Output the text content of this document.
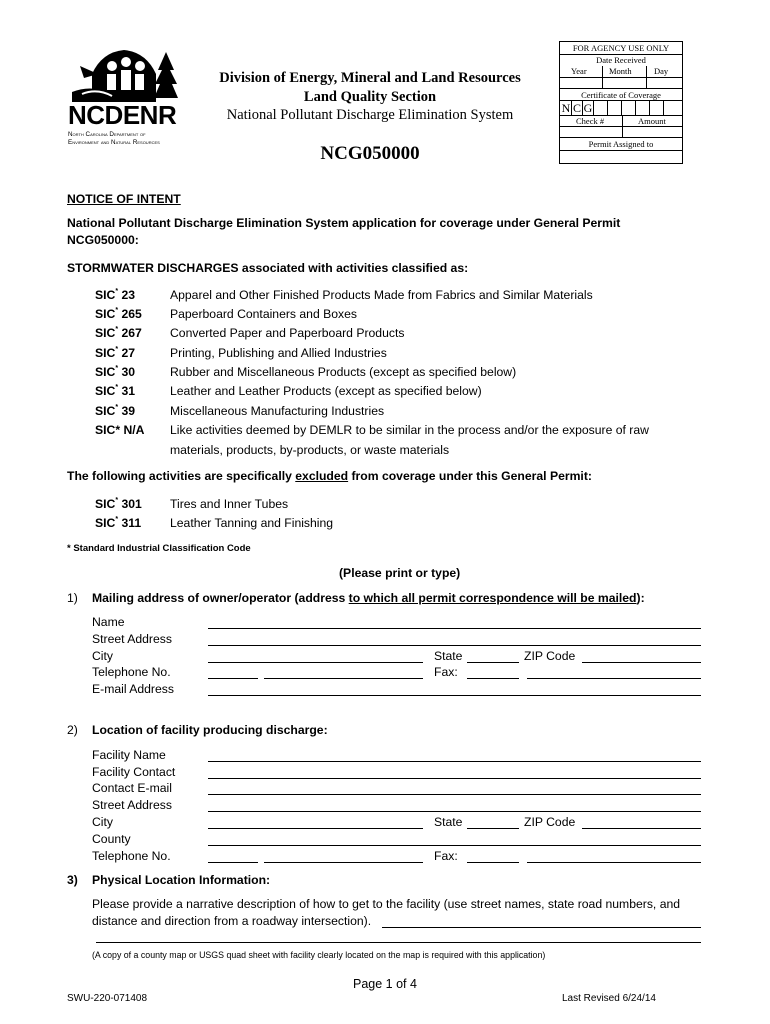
NCDENR
North Carolina Department of
Environment and Natural Resources
Division of Energy, Mineral and Land Resources
Land Quality Section
National Pollutant Discharge Elimination System
NCG050000
FOR AGENCY USE ONLY
Date Received
Year	Month	Day
Certificate of Coverage
N C G
Check #	Amount
Permit Assigned to
NOTICE OF INTENT
National Pollutant Discharge Elimination System application for coverage under General Permit
NCG050000:
STORMWATER DISCHARGES associated with activities classified as:
SIC* 23	Apparel and Other Finished Products Made from Fabrics and Similar Materials
SIC* 265 Paperboard Containers and Boxes
SIC* 267 Converted Paper and Paperboard Products
SIC* 27	Printing, Publishing and Allied Industries
SIC* 30	Rubber and Miscellaneous Products (except as specified below)
SIC* 31	Leather and Leather Products (except as specified below)
SIC* 39	Miscellaneous Manufacturing Industries
SIC* N/A Like activities deemed by DEMLR to be similar in the process and/or the exposure of raw
materials, products, by-products, or waste materials
The following activities are specifically excluded from coverage under this General Permit:
SIC* 301 Tires and Inner Tubes
SIC* 311 Leather Tanning and Finishing
* Standard Industrial Classification Code
(Please print or type)
1) Mailing address of owner/operator (address to which all permit correspondence will be mailed):
Name
Street Address
City	State	ZIP Code
Telephone No.	Fax:
E-mail Address
2) Location of facility producing discharge:
Facility Name
Facility Contact
Contact E-mail
Street Address
City	State	ZIP Code
County
Telephone No.	Fax:
3) Physical Location Information:
Please provide a narrative description of how to get to the facility (use street names, state road numbers, and
distance and direction from a roadway intersection).
(A copy of a county map or USGS quad sheet with facility clearly located on the map is required with this application)
Page 1 of 4
SWU-220-071408	Last Revised 6/24/14
